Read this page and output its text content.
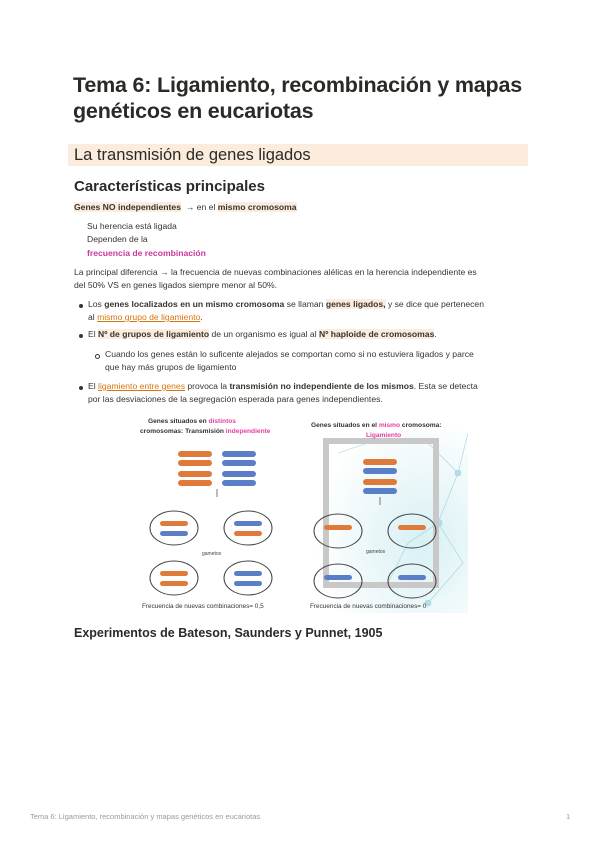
Tema 6: Ligamiento, recombinación y mapas genéticos en eucariotas
La transmisión de genes ligados
Características principales
Genes NO independientes → en el mismo cromosoma
Su herencia está ligada
Dependen de la
frecuencia de recombinación
La principal diferencia → la frecuencia de nuevas combinaciones alélicas en la herencia independiente es
del 50% VS en genes ligados siempre menor al 50%.
Los genes localizados en un mismo cromosoma se llaman genes ligados, y se dice que pertenecen
al mismo grupo de ligamiento.
El Nº de grupos de ligamiento de un organismo es igual al Nº haploide de cromosomas.
Cuando los genes están lo suficente alejados se comportan como si no estuviera ligados y parce
que hay más grupos de ligamiento
El ligamiento entre genes provoca la transmisión no independiente de los mismos. Esta se detecta
por las desviaciones de la segregación esperada para genes independientes.
Genes situados en distintos
cromosomas: Transmisión independiente
Genes situados en el mismo cromosoma:
Ligamiento
gametos	gametos
Frecuencia de nuevas combinaciones= 0,5	Frecuencia de nuevas combinaciones= 0
Experimentos de Bateson, Saunders y Punnet, 1905
Tema 6: Ligamiento, recombinación y mapas genéticos en eucariotas	1
